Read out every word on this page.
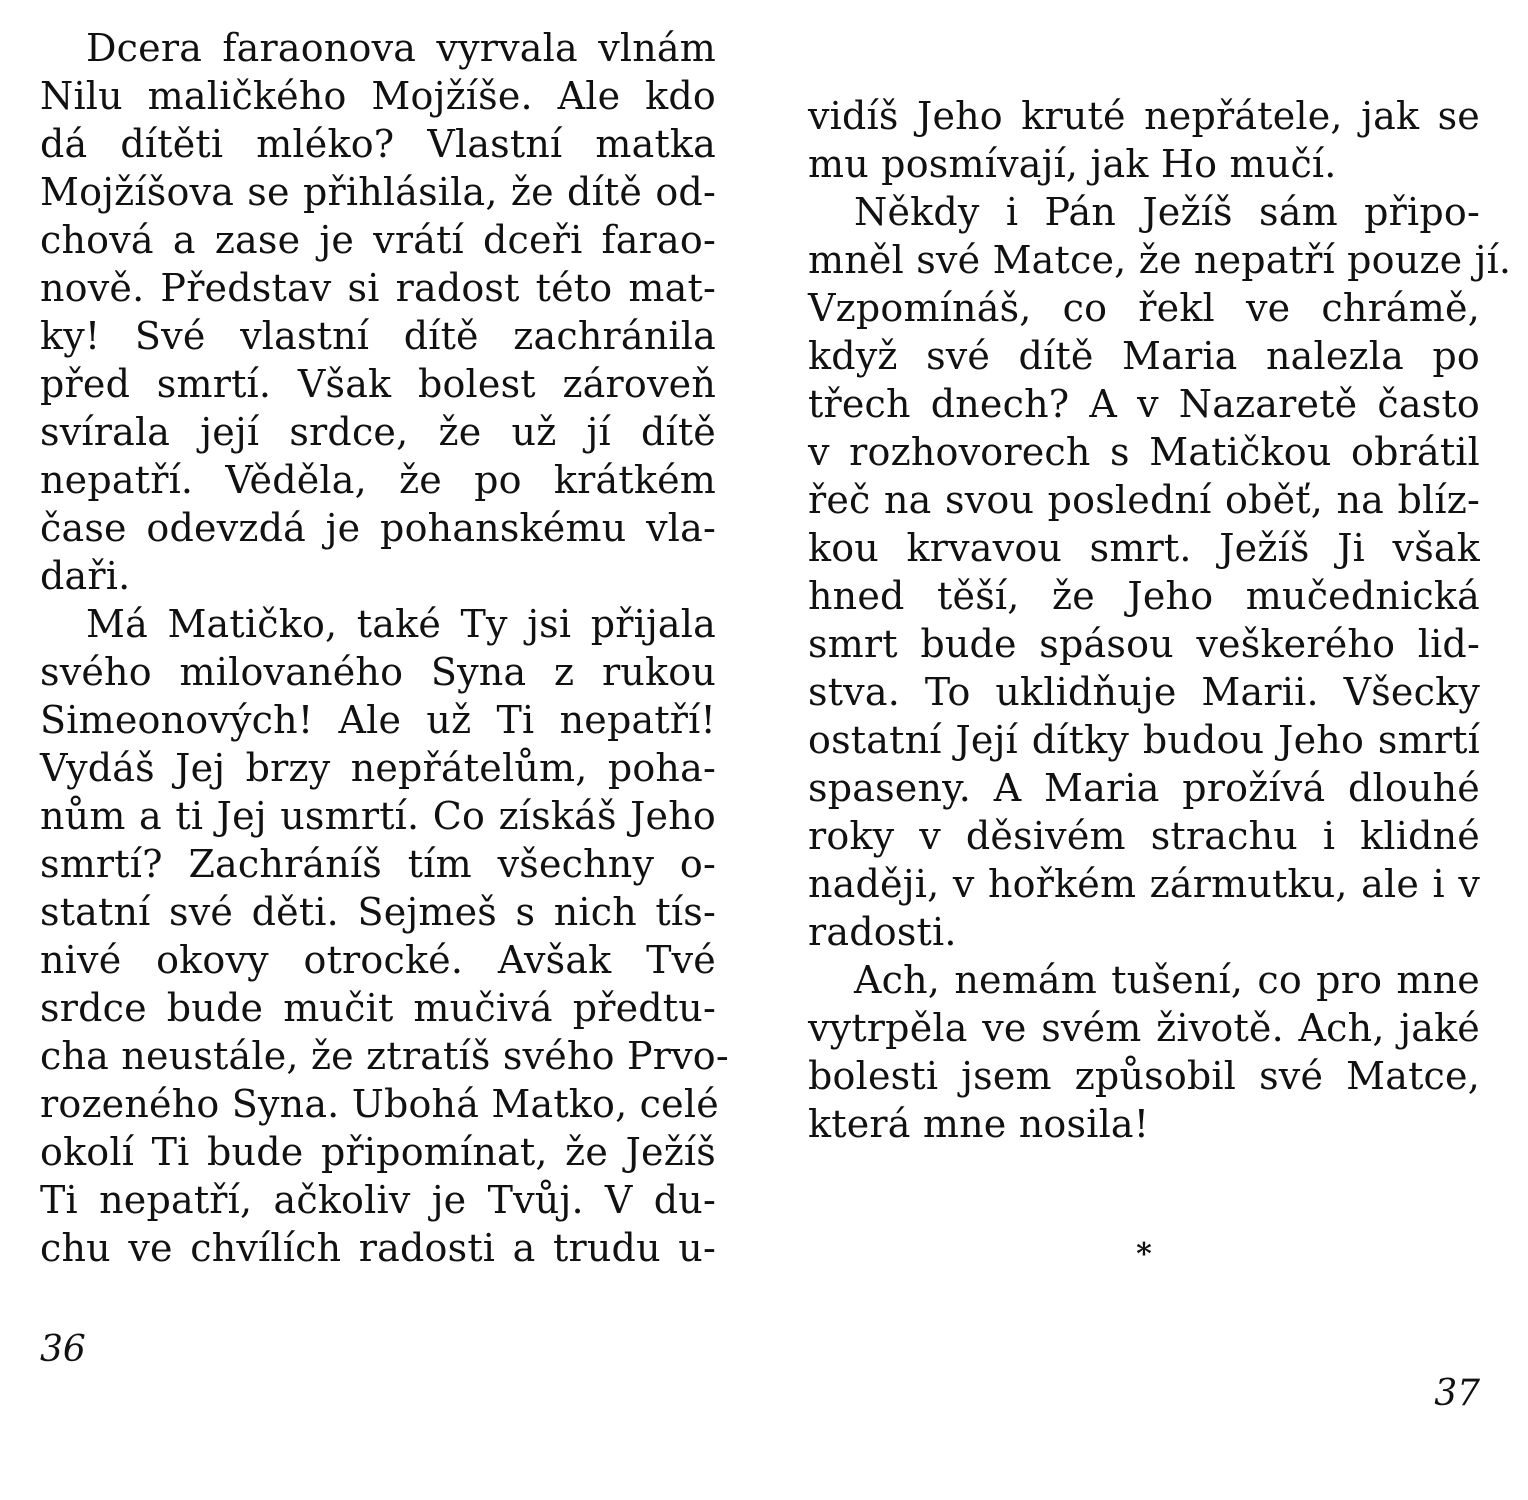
Dcera faraonova vyrvala vlnám
Nilu maličkého Mojžíše. Ale kdo
dá dítěti mléko? Vlastní matka
Mojžíšova se přihlásila, že dítě od-
chová a zase je vrátí dceři farao-
nově. Představ si radost této mat-
ky! Své vlastní dítě zachránila
před smrtí. Však bolest zároveň
svírala její srdce, že už jí dítě
nepatří. Věděla, že po krátkém
čase odevzdá je pohanskému vla-
daři.
Má Matičko, také Ty jsi přijala
svého milovaného Syna z rukou
Simeonových! Ale už Ti nepatří!
Vydáš Jej brzy nepřátelům, poha-
nům a ti Jej usmrtí. Co získáš Jeho
smrtí? Zachráníš tím všechny o-
statní své děti. Sejmeš s nich tís-
nivé okovy otrocké. Avšak Tvé
srdce bude mučit mučivá předtu-
cha neustále, že ztratíš svého Prvo-
rozeného Syna. Ubohá Matko, celé
okolí Ti bude připomínat, že Ježíš
Ti nepatří, ačkoliv je Tvůj. V du-
chu ve chvílích radosti a trudu u-
36
vidíš Jeho kruté nepřátele, jak se
mu posmívají, jak Ho mučí.
Někdy i Pán Ježíš sám připo-
mněl své Matce, že nepatří pouze jí.
Vzpomínáš, co řekl ve chrámě,
když své dítě Maria nalezla po
třech dnech? A v Nazaretě často
v rozhovorech s Matičkou obrátil
řeč na svou poslední oběť, na blíz-
kou krvavou smrt. Ježíš Ji však
hned těší, že Jeho mučednická
smrt bude spásou veškerého lid-
stva. To uklidňuje Marii. Všecky
ostatní Její dítky budou Jeho smrtí
spaseny. A Maria prožívá dlouhé
roky v děsivém strachu i klidné
naději, v hořkém zármutku, ale i v
radosti.
Ach, nemám tušení, co pro mne
vytrpěla ve svém životě. Ach, jaké
bolesti jsem způsobil své Matce,
která mne nosila!
*
37
